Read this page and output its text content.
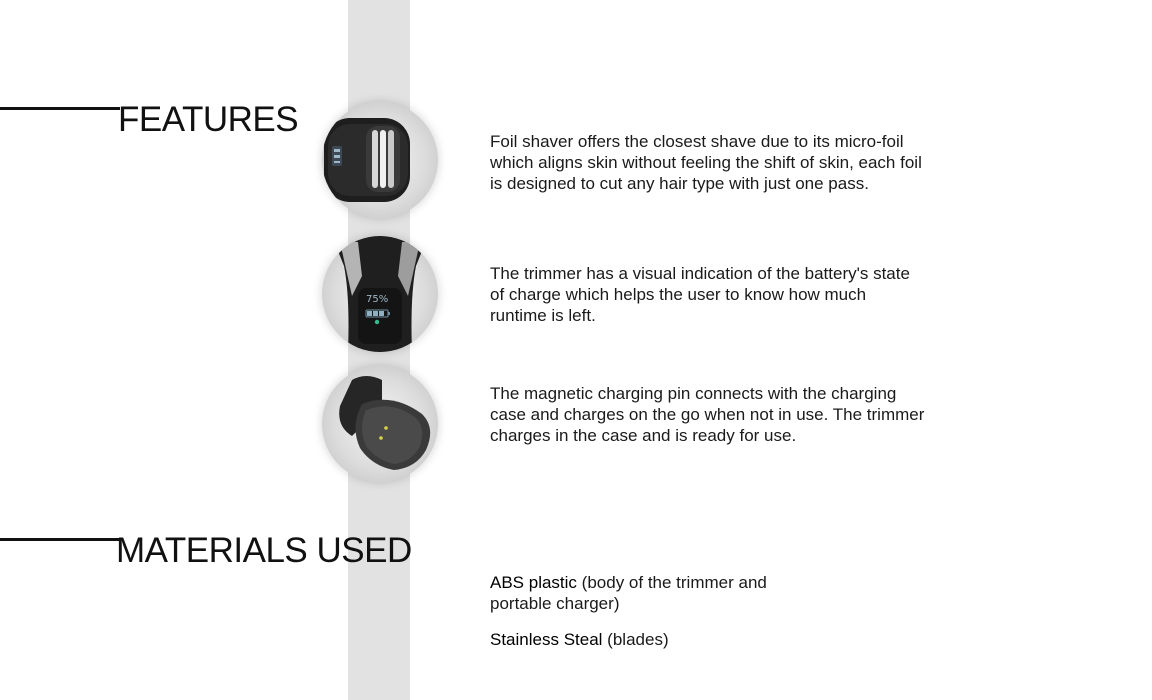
FEATURES
75%

Foil shaver offers the closest shave due to its micro-foil which aligns skin without feeling the shift of skin, each foil is designed to cut any hair type with just one pass.

The trimmer has a visual indication of the battery's state of charge which helps the user to know how much runtime is left.

The magnetic charging pin connects with the charging case and charges on the go when not in use. The trimmer charges in the case and is ready for use.

MATERIALS USED

ABS plastic (body of the trimmer and portable charger)

Stainless Steal (blades)
